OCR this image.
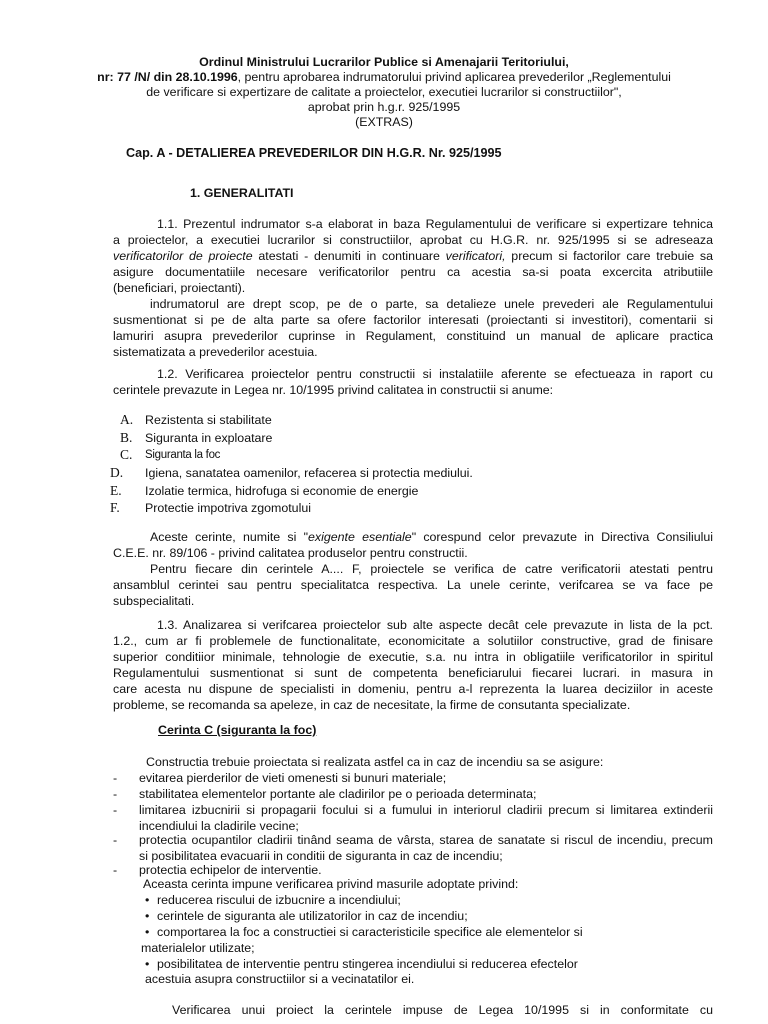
Ordinul Ministrului Lucrarilor Publice si Amenajarii Teritoriului,
nr: 77 /N/ din 28.10.1996, pentru aprobarea indrumatorului privind aplicarea prevederilor „Reglementului
de verificare si expertizare de calitate a proiectelor, executiei lucrarilor si constructiilor",
aprobat prin h.g.r. 925/1995
(EXTRAS)
Cap. A - DETALIEREA PREVEDERILOR DIN H.G.R. Nr. 925/1995
1. GENERALITATI
1.1. Prezentul indrumator s-a elaborat in baza Regulamentului de verificare si expertizare tehnica
a proiectelor, a executiei lucrarilor si constructiilor, aprobat cu H.G.R. nr. 925/1995 si se adreseaza
verificatorilor de proiecte atestati - denumiti in continuare verificatori, precum si factorilor care trebuie sa
asigure documentatiile necesare verificatorilor pentru ca acestia sa-si poata excercita atributiile
(beneficiari, proiectanti).
indrumatorul are drept scop, pe de o parte, sa detalieze unele prevederi ale Regulamentului
susmentionat si pe de alta parte sa ofere factorilor interesati (proiectanti si investitori), comentarii si
lamuriri asupra prevederilor cuprinse in Regulament, constituind un manual de aplicare practica
sistematizata a prevederilor acestuia.
1.2. Verificarea proiectelor pentru constructii si instalatiile aferente se efectueaza in raport cu
cerintele prevazute in Legea nr. 10/1995 privind calitatea in constructii si anume:
A. Rezistenta si stabilitate
B. Siguranta in exploatare
C. Siguranta la foc
D. Igiena, sanatatea oamenilor, refacerea si protectia mediului.
E. Izolatie termica, hidrofuga si economie de energie
F. Protectie impotriva zgomotului
Aceste cerinte, numite si "exigente esentiale" corespund celor prevazute in Directiva Consiliului
C.E.E. nr. 89/106 - privind calitatea produselor pentru constructii.
Pentru fiecare din cerintele A.... F, proiectele se verifica de catre verificatorii atestati pentru
ansamblul cerintei sau pentru specialitatca respectiva. La unele cerinte, verifcarea se va face pe
subspecialitati.
1.3. Analizarea si verifcarea proiectelor sub alte aspecte decât cele prevazute in lista de la pct.
1.2., cum ar fi problemele de functionalitate, economicitate a solutiilor constructive, grad de finisare
superior conditiior minimale, tehnologie de executie, s.a. nu intra in obligatiile verificatorilor in spiritul
Regulamentului susmentionat si sunt de competenta beneficiarului fiecarei lucrari. in masura in
care acesta nu dispune de specialisti in domeniu, pentru a-l reprezenta la luarea deciziilor in aceste
probleme, se recomanda sa apeleze, in caz de necesitate, la firme de consutanta specializate.
Cerinta C (siguranta la foc)
Constructia trebuie proiectata si realizata astfel ca in caz de incendiu sa se asigure:
- evitarea pierderilor de vieti omenesti si bunuri materiale;
- stabilitatea elementelor portante ale cladirilor pe o perioada determinata;
- limitarea izbucnirii si propagarii focului si a fumului in interiorul cladirii precum si limitarea extinderii
incendiului la cladirile vecine;
- protectia ocupantilor cladirii tinând seama de vârsta, starea de sanatate si riscul de incendiu, precum
si posibilitatea evacuarii in conditii de siguranta in caz de incendiu;
- protectia echipelor de interventie.
Aceasta cerinta impune verificarea privind masurile adoptate privind:
• reducerea riscului de izbucnire a incendiului;
• cerintele de siguranta ale utilizatorilor in caz de incendiu;
• comportarea la foc a constructiei si caracteristicile specifice ale elementelor si
materialelor utilizate;
• posibilitatea de interventie pentru stingerea incendiului si reducerea efectelor
acestuia asupra constructiilor si a vecinatatilor ei.
Verificarea unui proiect la cerintele impuse de Legea 10/1995 si in conformitate cu
